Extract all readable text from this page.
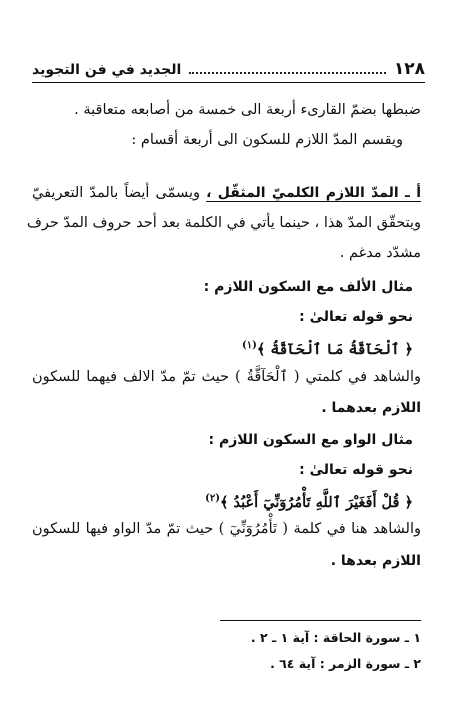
١٢٨
الجديد في فن التجويد
ضبطها بضمّ القارىء أربعة الى خمسة من أصابعه متعاقبة .
ويقسم المدّ اللازم للسكون الى أربعة أقسام :
أ ـ المدّ اللازم الكلميّ المثقّل ، ويسمّى أيضاً بالمدّ التعريفيّ
ويتحقّق المدّ هذا ، حينما يأتي في الكلمة بعد أحد حروف المدّ حرف
مشدّد مدغم .
مثال الألف مع السكون اللازم :
نحو قوله تعالىٰ :
﴿ ٱلْحَآقَّةُ مَا ٱلْحَآقَّةُ ﴾$^{(١)}$
والشاهد في كلمتي ( ٱلْحَآقَّةُ ) حيث تمّ مدّ الالف فيهما للسكون
اللازم بعدهما .
مثال الواو مع السكون اللازم :
نحو قوله تعالىٰ :
﴿ قُلْ أَفَغَيْرَ ٱللَّهِ تَأْمُرُوٓنِّيٓ أَعْبُدُ ﴾$^{(٢)}$
والشاهد هنا في كلمة ( تَأْمُرُوٓنِّيٓ ) حيث تمّ مدّ الواو فيها للسكون
اللازم بعدها .
١ ـ سورة الحاقة : آية ١ ـ ٢ .
٢ ـ سورة الزمر : آية ٦٤ .
